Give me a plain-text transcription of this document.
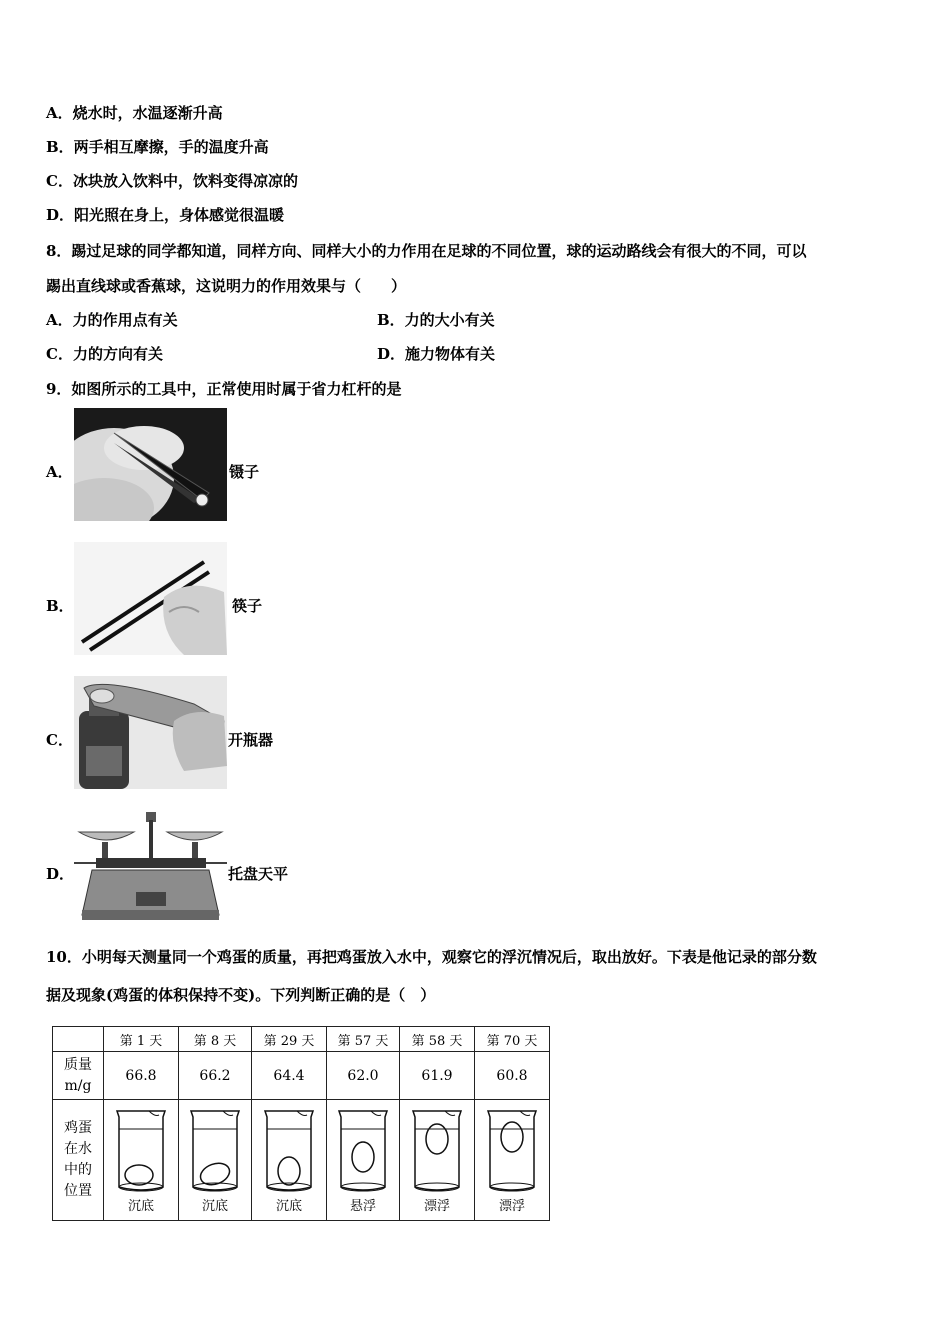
A．烧水时，水温逐渐升高
B．两手相互摩擦，手的温度升高
C．冰块放入饮料中，饮料变得凉凉的
D．阳光照在身上，身体感觉很温暖
8．踢过足球的同学都知道，同样方向、同样大小的力作用在足球的不同位置，球的运动路线会有很大的不同，可以
踢出直线球或香蕉球，这说明力的作用效果与（　　）
A．力的作用点有关	B．力的大小有关
C．力的方向有关	D．施力物体有关
9．如图所示的工具中，正常使用时属于省力杠杆的是
A．	镊子
B．	筷子
C．	开瓶器
D．	托盘天平
10．小明每天测量同一个鸡蛋的质量，再把鸡蛋放入水中，观察它的浮沉情况后，取出放好。下表是他记录的部分数
据及现象(鸡蛋的体积保持不变)。下列判断正确的是（　）
	第 1 天	第 8 天	第 29 天	第 57 天	第 58 天	第 70 天
质量
m/g	66.8	66.2	64.4	62.0	61.9	60.8
鸡蛋
在水
中的
位置	沉底	沉底	沉底	悬浮	漂浮	漂浮
